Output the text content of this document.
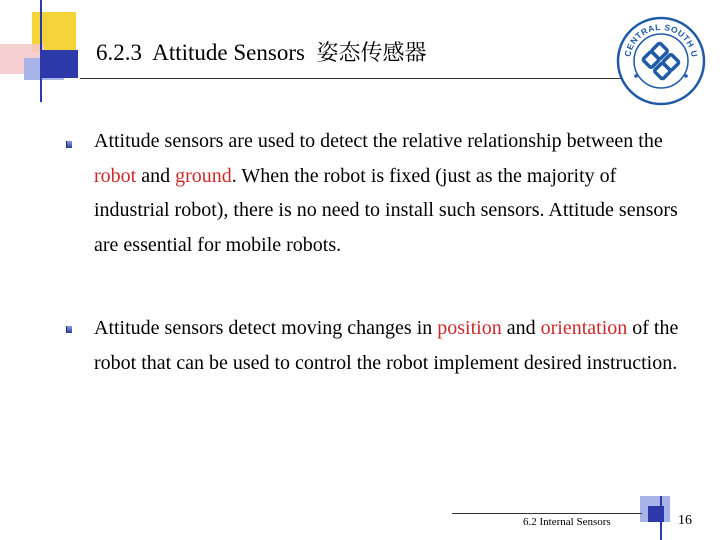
6.2.3 Attitude Sensors 姿态传感器	CENTRAL SOUTH U
Attitude sensors are used to detect the relative relationship between the robot and ground. When the robot is fixed (just as the majority of industrial robot), there is no need to install such sensors. Attitude sensors are essential for mobile robots.
Attitude sensors detect moving changes in position and orientation of the robot that can be used to control the robot implement desired instruction.
6.2 Internal Sensors	16
